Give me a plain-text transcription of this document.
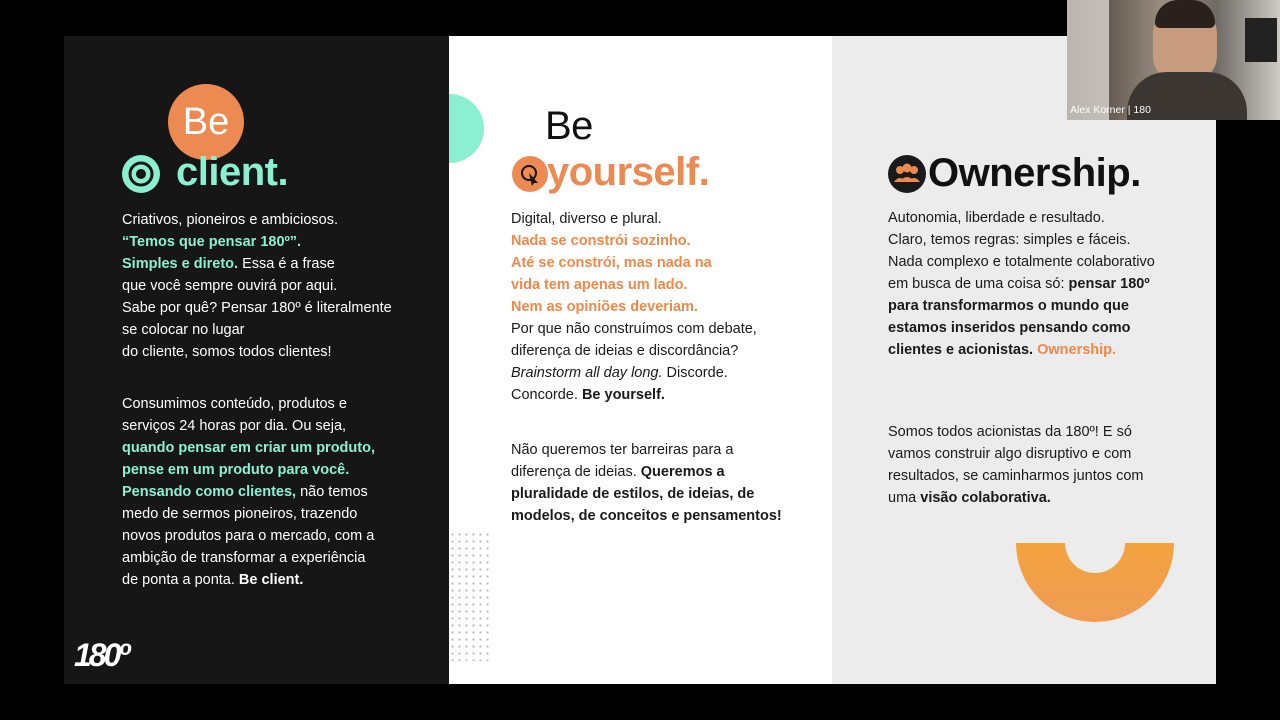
Be
client.
Criativos, pioneiros e ambiciosos.
“Temos que pensar 180º”.
Simples e direto. Essa é a frase
que você sempre ouvirá por aqui.
Sabe por quê? Pensar 180º é literalmente
se colocar no lugar
do cliente, somos todos clientes!
Consumimos conteúdo, produtos e
serviços 24 horas por dia. Ou seja,
quando pensar em criar um produto,
pense em um produto para você.
Pensando como clientes, não temos
medo de sermos pioneiros, trazendo
novos produtos para o mercado, com a
ambição de transformar a experiência
de ponta a ponta. Be client.
180º
Be
yourself.
Digital, diverso e plural.
Nada se constrói sozinho.
Até se constrói, mas nada na
vida tem apenas um lado.
Nem as opiniões deveriam.
Por que não construímos com debate,
diferença de ideias e discordância?
Brainstorm all day long. Discorde.
Concorde. Be yourself.
Não queremos ter barreiras para a
diferença de ideias. Queremos a
pluralidade de estilos, de ideias, de
modelos, de conceitos e pensamentos!
Ownership.
Autonomia, liberdade e resultado.
Claro, temos regras: simples e fáceis.
Nada complexo e totalmente colaborativo
em busca de uma coisa só: pensar 180º
para transformarmos o mundo que
estamos inseridos pensando como
clientes e acionistas. Ownership.
Somos todos acionistas da 180º! E só
vamos construir algo disruptivo e com
resultados, se caminharmos juntos com
uma visão colaborativa.
Alex Korner | 180
